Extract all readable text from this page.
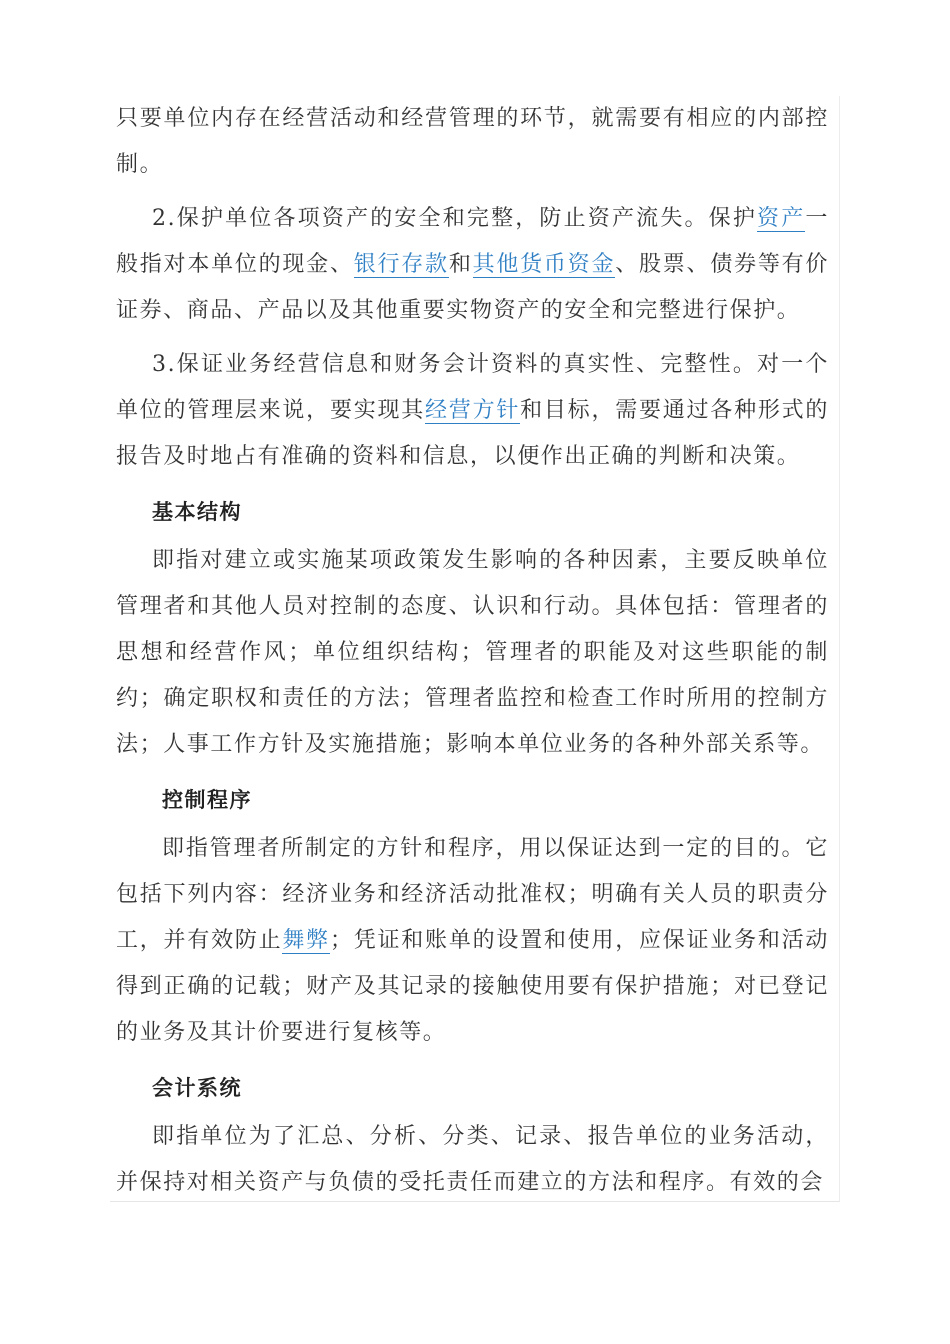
只要单位内存在经营活动和经营管理的环节，就需要有相应的内部控制。

2.保护单位各项资产的安全和完整，防止资产流失。保护资产一般指对本单位的现金、银行存款和其他货币资金、股票、债券等有价证券、商品、产品以及其他重要实物资产的安全和完整进行保护。

3.保证业务经营信息和财务会计资料的真实性、完整性。对一个单位的管理层来说，要实现其经营方针和目标，需要通过各种形式的报告及时地占有准确的资料和信息，以便作出正确的判断和决策。

基本结构

即指对建立或实施某项政策发生影响的各种因素，主要反映单位管理者和其他人员对控制的态度、认识和行动。具体包括：管理者的思想和经营作风；单位组织结构；管理者的职能及对这些职能的制约；确定职权和责任的方法；管理者监控和检查工作时所用的控制方法；人事工作方针及实施措施；影响本单位业务的各种外部关系等。

控制程序

即指管理者所制定的方针和程序，用以保证达到一定的目的。它包括下列内容：经济业务和经济活动批准权；明确有关人员的职责分工，并有效防止舞弊；凭证和账单的设置和使用，应保证业务和活动得到正确的记载；财产及其记录的接触使用要有保护措施；对已登记的业务及其计价要进行复核等。

会计系统

即指单位为了汇总、分析、分类、记录、报告单位的业务活动，并保持对相关资产与负债的受托责任而建立的方法和程序。有效的会
